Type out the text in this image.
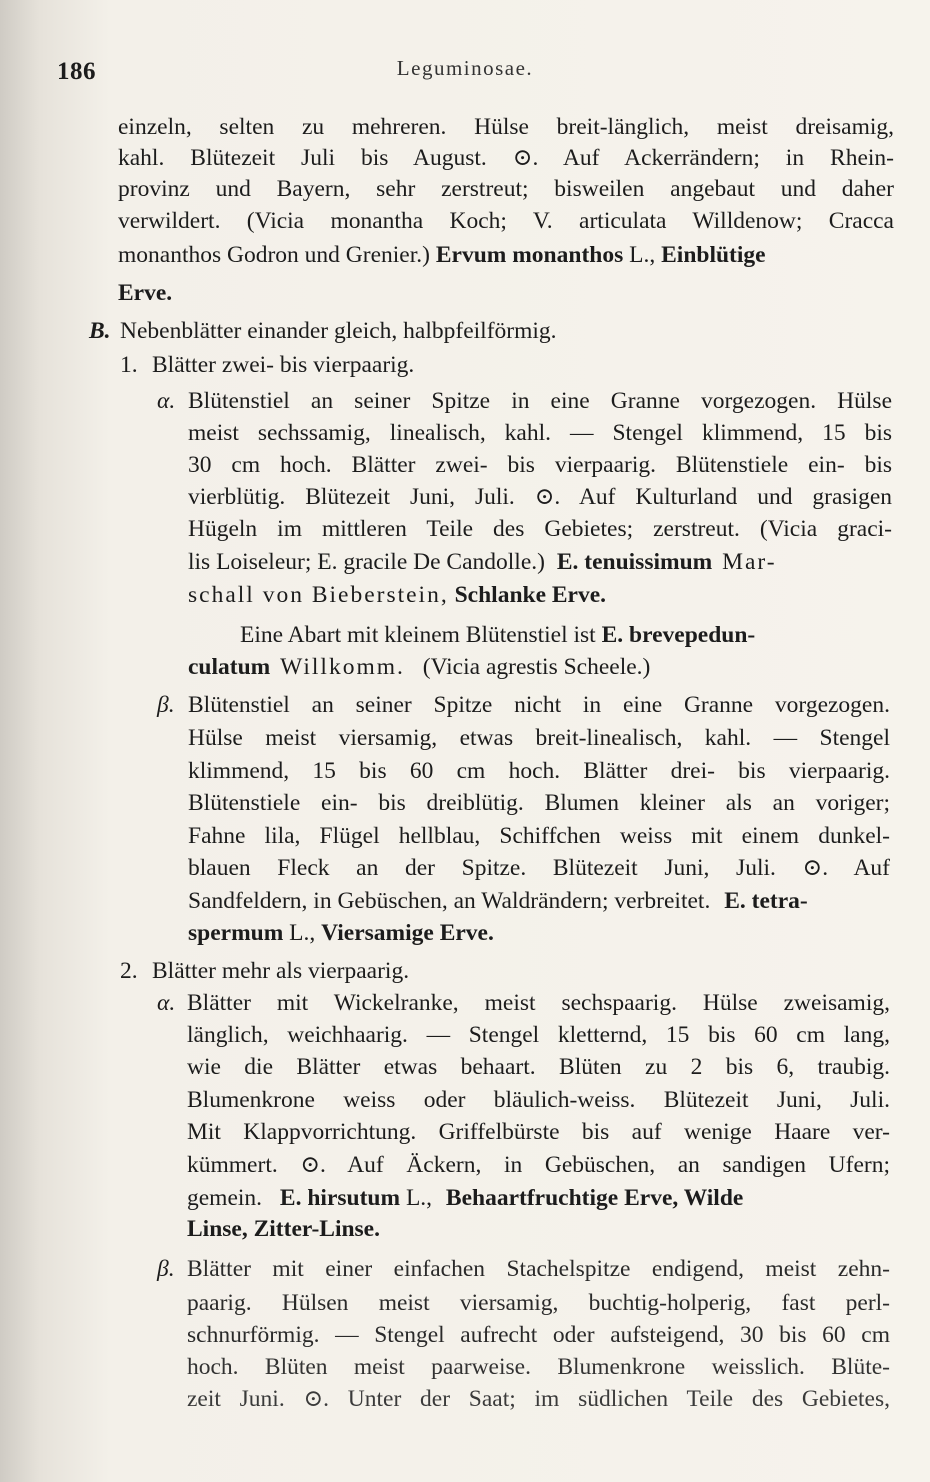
186	Leguminosae.
einzeln, selten zu mehreren. Hülse breit-länglich, meist dreisamig,
kahl. Blütezeit Juli bis August. ⊙. Auf Ackerrändern; in Rhein-
provinz und Bayern, sehr zerstreut; bisweilen angebaut und daher
verwildert. (Vicia monantha Koch; V. articulata Willdenow; Cracca
monanthos Godron und Grenier.) Ervum monanthos L., Einblütige
Erve.
B. Nebenblätter einander gleich, halbpfeilförmig.
1. Blätter zwei- bis vierpaarig.
α. Blütenstiel an seiner Spitze in eine Granne vorgezogen. Hülse
meist sechssamig, linealisch, kahl. — Stengel klimmend, 15 bis
30 cm hoch. Blätter zwei- bis vierpaarig. Blütenstiele ein- bis
vierblütig. Blütezeit Juni, Juli. ⊙. Auf Kulturland und grasigen
Hügeln im mittleren Teile des Gebietes; zerstreut. (Vicia graci-
lis Loiseleur; E. gracile De Candolle.) E. tenuissimum Mar-
schall von Bieberstein, Schlanke Erve.
Eine Abart mit kleinem Blütenstiel ist E. brevepedun-
culatum Willkomm. (Vicia agrestis Scheele.)
β. Blütenstiel an seiner Spitze nicht in eine Granne vorgezogen.
Hülse meist viersamig, etwas breit-linealisch, kahl. — Stengel
klimmend, 15 bis 60 cm hoch. Blätter drei- bis vierpaarig.
Blütenstiele ein- bis dreiblütig. Blumen kleiner als an voriger;
Fahne lila, Flügel hellblau, Schiffchen weiss mit einem dunkel-
blauen Fleck an der Spitze. Blütezeit Juni, Juli. ⊙. Auf
Sandfeldern, in Gebüschen, an Waldrändern; verbreitet. E. tetra-
spermum L., Viersamige Erve.
2. Blätter mehr als vierpaarig.
α. Blätter mit Wickelranke, meist sechspaarig. Hülse zweisamig,
länglich, weichhaarig. — Stengel kletternd, 15 bis 60 cm lang,
wie die Blätter etwas behaart. Blüten zu 2 bis 6, traubig.
Blumenkrone weiss oder bläulich-weiss. Blütezeit Juni, Juli.
Mit Klappvorrichtung. Griffelbürste bis auf wenige Haare ver-
kümmert. ⊙. Auf Äckern, in Gebüschen, an sandigen Ufern;
gemein. E. hirsutum L., Behaartfruchtige Erve, Wilde
Linse, Zitter-Linse.
β. Blätter mit einer einfachen Stachelspitze endigend, meist zehn-
paarig. Hülsen meist viersamig, buchtig-holperig, fast perl-
schnurförmig. — Stengel aufrecht oder aufsteigend, 30 bis 60 cm
hoch. Blüten meist paarweise. Blumenkrone weisslich. Blüte-
zeit Juni. ⊙. Unter der Saat; im südlichen Teile des Gebietes,
